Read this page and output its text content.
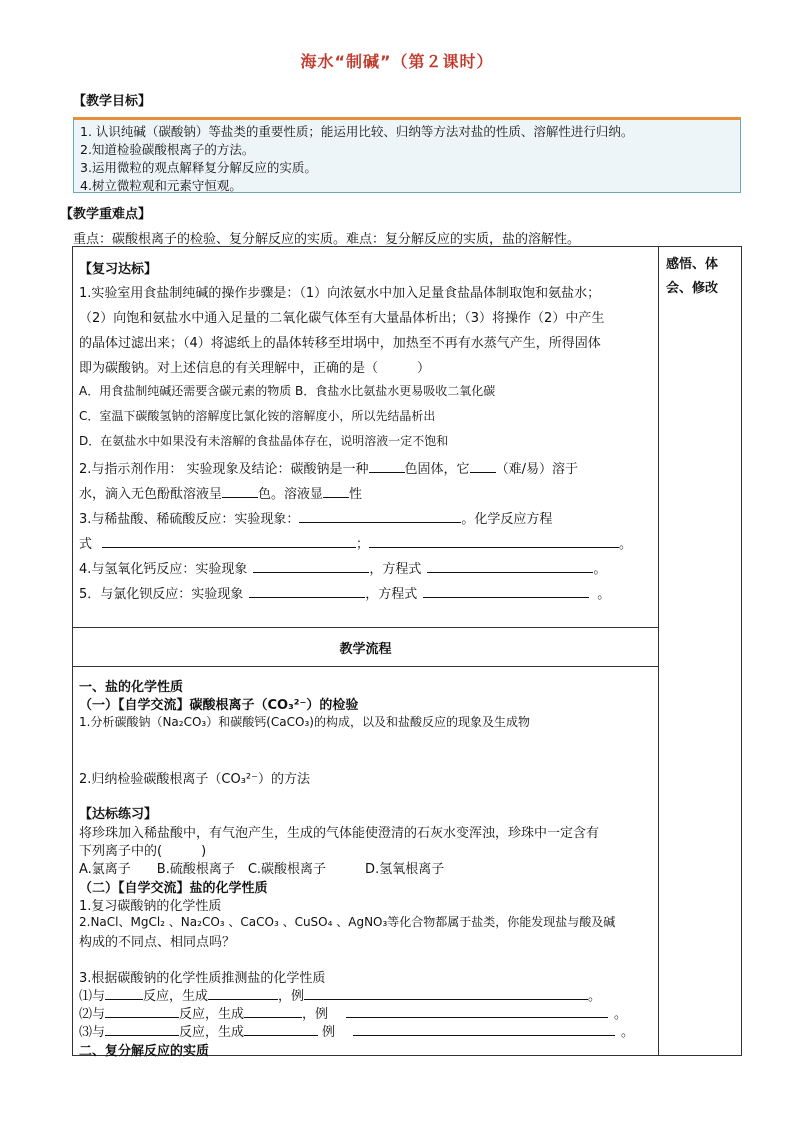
海水“制碱”（第２课时）
【教学目标】
1. 认识纯碱（碳酸钠）等盐类的重要性质；能运用比较、归纳等方法对盐的性质、溶解性进行归纳。
2.知道检验碳酸根离子的方法。
3.运用微粒的观点解释复分解反应的实质。
4.树立微粒观和元素守恒观。
【教学重难点】
重点：碳酸根离子的检验、复分解反应的实质。难点：复分解反应的实质，盐的溶解性。
感悟、体会、修改
【复习达标】
1.实验室用食盐制纯碱的操作步骤是：（1）向浓氨水中加入足量食盐晶体制取饱和氨盐水；
（2）向饱和氨盐水中通入足量的二氧化碳气体至有大量晶体析出；（3）将操作（2）中产生
的晶体过滤出来；（4）将滤纸上的晶体转移至坩埚中，加热至不再有水蒸气产生，所得固体
即为碳酸钠。对上述信息的有关理解中，正确的是（　　　）
A．用食盐制纯碱还需要含碳元素的物质 B．食盐水比氨盐水更易吸收二氧化碳
C．室温下碳酸氢钠的溶解度比氯化铵的溶解度小，所以先结晶析出
D．在氨盐水中如果没有未溶解的食盐晶体存在，说明溶液一定不饱和
2.与指示剂作用： 实验现象及结论：碳酸钠是一种	色固体，它 （难/易）溶于
水，滴入无色酚酞溶液呈	色。溶液显 性
3.与稀盐酸、稀硫酸反应：实验现象：	。化学反应方程
式	；	。
4.与氢氧化钙反应：实验现象	，方程式	。
5．与氯化钡反应：实验现象	，方程式	。
教学流程
一、盐的化学性质
（一）【自学交流】碳酸根离子（CO₃²⁻）的检验
1.分析碳酸钠（Na₂CO₃）和碳酸钙(CaCO₃)的构成，以及和盐酸反应的现象及生成物
2.归纳检验碳酸根离子（CO₃²⁻）的方法
【达标练习】
将珍珠加入稀盐酸中，有气泡产生，生成的气体能使澄清的石灰水变浑浊，珍珠中一定含有
下列离子中的(　　　)
A.氯离子　　B.硫酸根离子　C.碳酸根离子　　　D.氢氧根离子
（二）【自学交流】盐的化学性质
1.复习碳酸钠的化学性质
2.NaCl、MgCl₂ 、Na₂CO₃ 、CaCO₃ 、CuSO₄ 、AgNO₃等化合物都属于盐类，你能发现盐与酸及碱
构成的不同点、相同点吗？
3.根据碳酸钠的化学性质推测盐的化学性质
⑴与	反应，生成	，例	。
⑵与	反应，生成	，例	。
⑶与	反应，生成	例	。
二、复分解反应的实质
